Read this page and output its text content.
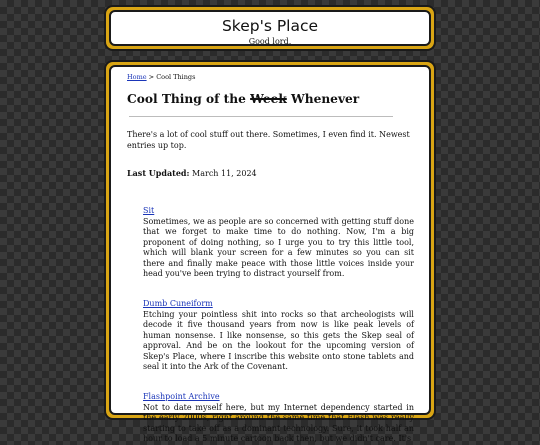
Skep's Place
Good lord.
Home > Cool Things
Cool Thing of the Week Whenever
There's a lot of cool stuff out there. Sometimes, I even find it. Newest entries up top.
Last Updated: March 11, 2024
Sit

Sometimes, we as people are so concerned with getting stuff done that we forget to make time to do nothing. Now, I'm a big proponent of doing nothing, so I urge you to try this little tool, which will blank your screen for a few minutes so you can sit there and finally make peace with those little voices inside your head you've been trying to distract yourself from.

Dumb Cuneiform

Etching your pointless shit into rocks so that archeologists will decode it five thousand years from now is like peak levels of human nonsense. I like nonsense, so this gets the Skep seal of approval. And be on the lookout for the upcoming version of Skep's Place, where I inscribe this website onto stone tablets and seal it into the Ark of the Covenant.

Flashpoint Archive

Not to date myself here, but my Internet dependency started in the early 2000s, right around the same time that Flash was really starting to take off as a dominant technology. Sure, it took half an hour to load a 5 minute cartoon back then, but we didn't care. It's
